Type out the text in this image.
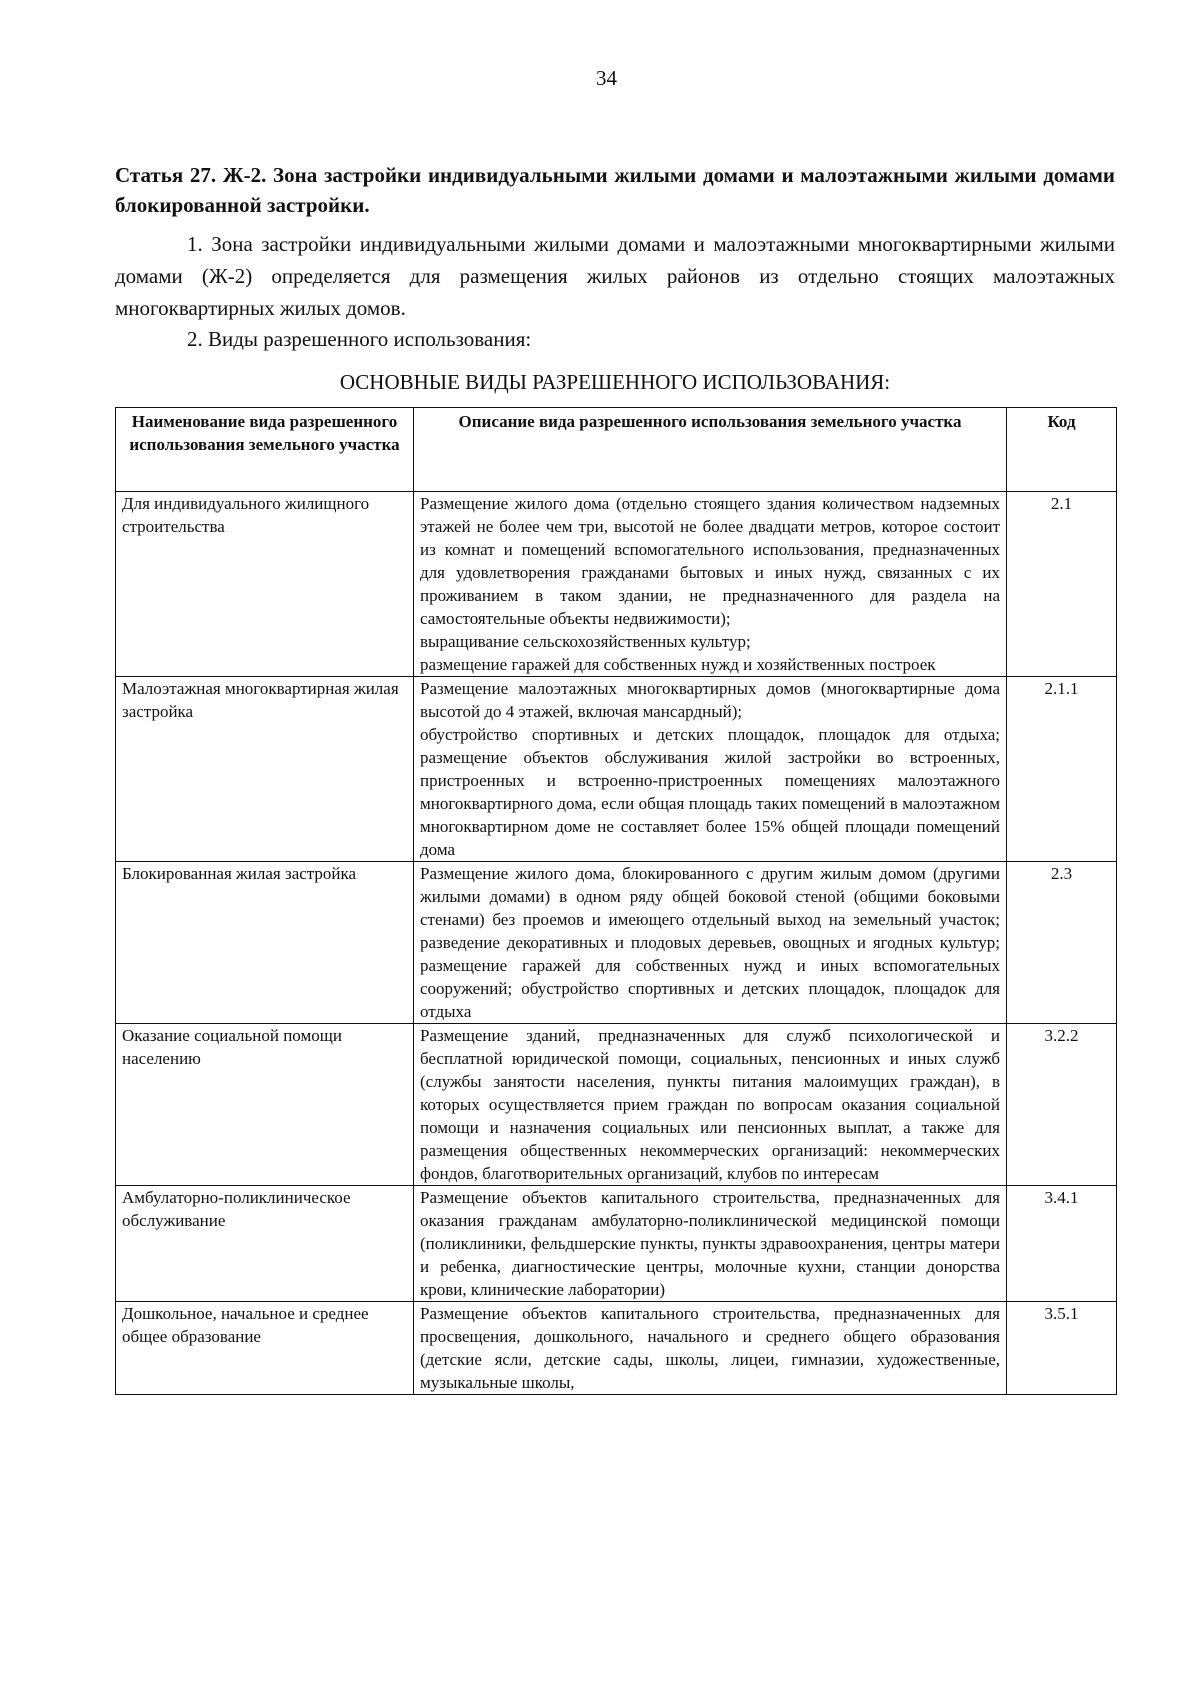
34
Статья 27. Ж-2. Зона застройки индивидуальными жилыми домами и малоэтажными жилыми домами блокированной застройки.

1. Зона застройки индивидуальными жилыми домами и малоэтажными многоквартирными жилыми домами (Ж-2) определяется для размещения жилых районов из отдельно стоящих малоэтажных многоквартирных жилых домов.

2. Виды разрешенного использования:

ОСНОВНЫЕ ВИДЫ РАЗРЕШЕННОГО ИСПОЛЬЗОВАНИЯ:
Наименование вида разрешенного использования земельного участка	Описание вида разрешенного использования земельного участка	Код
Для индивидуального жилищного строительства	Размещение жилого дома (отдельно стоящего здания количеством надземных этажей не более чем три, высотой не более двадцати метров, которое состоит из комнат и помещений вспомогательного использования, предназначенных для удовлетворения гражданами бытовых и иных нужд, связанных с их проживанием в таком здании, не предназначенного для раздела на самостоятельные объекты недвижимости);
выращивание сельскохозяйственных культур;
размещение гаражей для собственных нужд и хозяйственных построек	2.1
Малоэтажная многоквартирная жилая застройка	Размещение малоэтажных многоквартирных домов (многоквартирные дома высотой до 4 этажей, включая мансардный);
обустройство спортивных и детских площадок, площадок для отдыха; размещение объектов обслуживания жилой застройки во встроенных, пристроенных и встроенно-пристроенных помещениях малоэтажного многоквартирного дома, если общая площадь таких помещений в малоэтажном многоквартирном доме не составляет более 15% общей площади помещений дома	2.1.1
Блокированная жилая застройка	Размещение жилого дома, блокированного с другим жилым домом (другими жилыми домами) в одном ряду общей боковой стеной (общими боковыми стенами) без проемов и имеющего отдельный выход на земельный участок; разведение декоративных и плодовых деревьев, овощных и ягодных культур; размещение гаражей для собственных нужд и иных вспомогательных сооружений; обустройство спортивных и детских площадок, площадок для отдыха	2.3
Оказание социальной помощи населению	Размещение зданий, предназначенных для служб психологической и бесплатной юридической помощи, социальных, пенсионных и иных служб (службы занятости населения, пункты питания малоимущих граждан), в которых осуществляется прием граждан по вопросам оказания социальной помощи и назначения социальных или пенсионных выплат, а также для размещения общественных некоммерческих организаций: некоммерческих фондов, благотворительных организаций, клубов по интересам	3.2.2
Амбулаторно-поликлиническое обслуживание	Размещение объектов капитального строительства, предназначенных для оказания гражданам амбулаторно-поликлинической медицинской помощи (поликлиники, фельдшерские пункты, пункты здравоохранения, центры матери и ребенка, диагностические центры, молочные кухни, станции донорства крови, клинические лаборатории)	3.4.1
Дошкольное, начальное и среднее общее образование	Размещение объектов капитального строительства, предназначенных для просвещения, дошкольного, начального и среднего общего образования (детские ясли, детские сады, школы, лицеи, гимназии, художественные, музыкальные школы,	3.5.1
